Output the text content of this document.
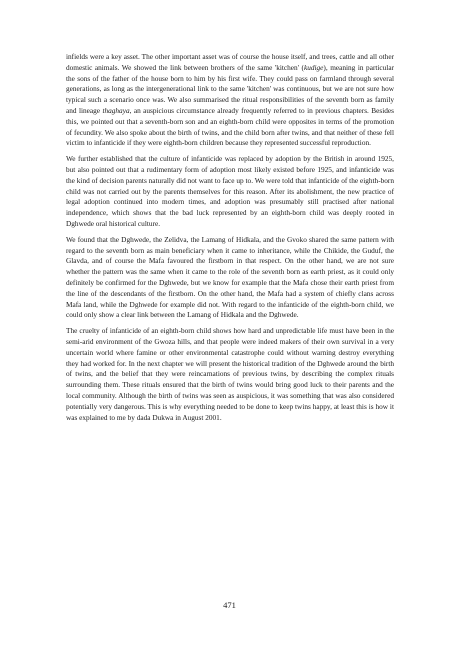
infields were a key asset. The other important asset was of course the house itself, and trees, cattle and all other domestic animals. We showed the link between brothers of the same 'kitchen' (kudige), meaning in particular the sons of the father of the house born to him by his first wife. They could pass on farmland through several generations, as long as the intergenerational link to the same 'kitchen' was continuous, but we are not sure how typical such a scenario once was. We also summarised the ritual responsibilities of the seventh born as family and lineage thaghaya, an auspicious circumstance already frequently referred to in previous chapters. Besides this, we pointed out that a seventh-born son and an eighth-born child were opposites in terms of the promotion of fecundity. We also spoke about the birth of twins, and the child born after twins, and that neither of these fell victim to infanticide if they were eighth-born children because they represented successful reproduction.

We further established that the culture of infanticide was replaced by adoption by the British in around 1925, but also pointed out that a rudimentary form of adoption most likely existed before 1925, and infanticide was the kind of decision parents naturally did not want to face up to. We were told that infanticide of the eighth-born child was not carried out by the parents themselves for this reason. After its abolishment, the new practice of legal adoption continued into modern times, and adoption was presumably still practised after national independence, which shows that the bad luck represented by an eighth-born child was deeply rooted in Dghwede oral historical culture.

We found that the Dghwede, the Zelidva, the Lamang of Hidkala, and the Gvoko shared the same pattern with regard to the seventh born as main beneficiary when it came to inheritance, while the Chikide, the Guduf, the Glavda, and of course the Mafa favoured the firstborn in that respect. On the other hand, we are not sure whether the pattern was the same when it came to the role of the seventh born as earth priest, as it could only definitely be confirmed for the Dghwede, but we know for example that the Mafa chose their earth priest from the line of the descendants of the firstborn. On the other hand, the Mafa had a system of chiefly clans across Mafa land, while the Dghwede for example did not. With regard to the infanticide of the eighth-born child, we could only show a clear link between the Lamang of Hidkala and the Dghwede.

The cruelty of infanticide of an eighth-born child shows how hard and unpredictable life must have been in the semi-arid environment of the Gwoza hills, and that people were indeed makers of their own survival in a very uncertain world where famine or other environmental catastrophe could without warning destroy everything they had worked for. In the next chapter we will present the historical tradition of the Dghwede around the birth of twins, and the belief that they were reincarnations of previous twins, by describing the complex rituals surrounding them. These rituals ensured that the birth of twins would bring good luck to their parents and the local community. Although the birth of twins was seen as auspicious, it was something that was also considered potentially very dangerous. This is why everything needed to be done to keep twins happy, at least this is how it was explained to me by dada Dukwa in August 2001.

471
